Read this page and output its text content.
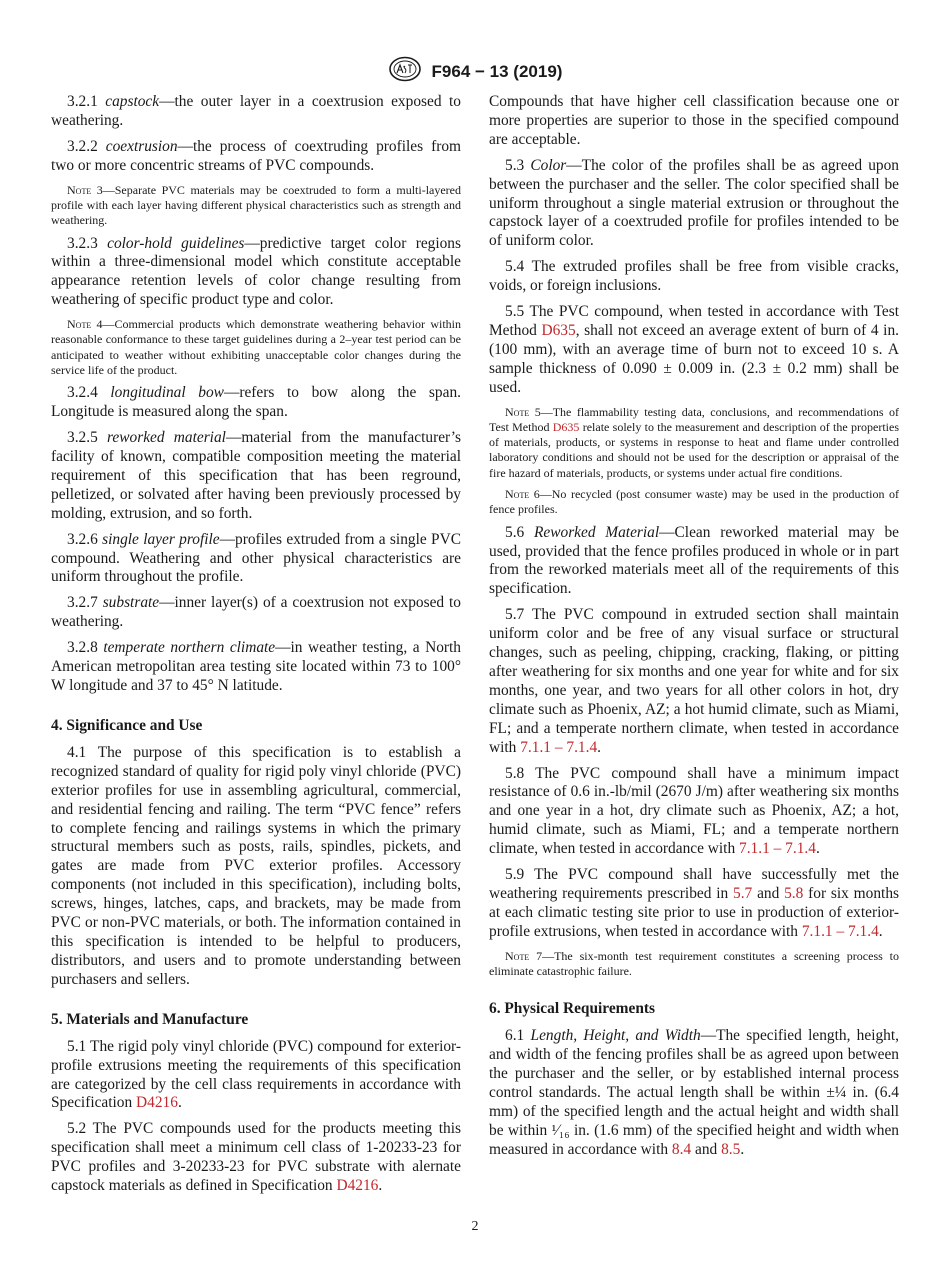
F964 − 13 (2019)

3.2.1 capstock—the outer layer in a coextrusion exposed to weathering.

3.2.2 coextrusion—the process of coextruding profiles from two or more concentric streams of PVC compounds.

Note 3—Separate PVC materials may be coextruded to form a multi-layered profile with each layer having different physical characteristics such as strength and weathering.

3.2.3 color-hold guidelines—predictive target color regions within a three-dimensional model which constitute acceptable appearance retention levels of color change resulting from weathering of specific product type and color.

Note 4—Commercial products which demonstrate weathering behavior within reasonable conformance to these target guidelines during a 2–year test period can be anticipated to weather without exhibiting unacceptable color changes during the service life of the product.

3.2.4 longitudinal bow—refers to bow along the span. Longitude is measured along the span.

3.2.5 reworked material—material from the manufacturer’s facility of known, compatible composition meeting the material requirement of this specification that has been reground, pelletized, or solvated after having been previously processed by molding, extrusion, and so forth.

3.2.6 single layer profile—profiles extruded from a single PVC compound. Weathering and other physical characteristics are uniform throughout the profile.

3.2.7 substrate—inner layer(s) of a coextrusion not exposed to weathering.

3.2.8 temperate northern climate—in weather testing, a North American metropolitan area testing site located within 73 to 100° W longitude and 37 to 45° N latitude.

4. Significance and Use

4.1 The purpose of this specification is to establish a recognized standard of quality for rigid poly vinyl chloride (PVC) exterior profiles for use in assembling agricultural, commercial, and residential fencing and railing. The term “PVC fence” refers to complete fencing and railings systems in which the primary structural members such as posts, rails, spindles, pickets, and gates are made from PVC exterior profiles. Accessory components (not included in this specification), including bolts, screws, hinges, latches, caps, and brackets, may be made from PVC or non-PVC materials, or both. The information contained in this specification is intended to be helpful to producers, distributors, and users and to promote understanding between purchasers and sellers.

5. Materials and Manufacture

5.1 The rigid poly vinyl chloride (PVC) compound for exterior-profile extrusions meeting the requirements of this specification are categorized by the cell class requirements in accordance with Specification D4216.

5.2 The PVC compounds used for the products meeting this specification shall meet a minimum cell class of 1-20233-23 for PVC profiles and 3-20233-23 for PVC substrate with alernate capstock materials as defined in Specification D4216.

Compounds that have higher cell classification because one or more properties are superior to those in the specified compound are acceptable.

5.3 Color—The color of the profiles shall be as agreed upon between the purchaser and the seller. The color specified shall be uniform throughout a single material extrusion or throughout the capstock layer of a coextruded profile for profiles intended to be of uniform color.

5.4 The extruded profiles shall be free from visible cracks, voids, or foreign inclusions.

5.5 The PVC compound, when tested in accordance with Test Method D635, shall not exceed an average extent of burn of 4 in. (100 mm), with an average time of burn not to exceed 10 s. A sample thickness of 0.090 ± 0.009 in. (2.3 ± 0.2 mm) shall be used.

Note 5—The flammability testing data, conclusions, and recommendations of Test Method D635 relate solely to the measurement and description of the properties of materials, products, or systems in response to heat and flame under controlled laboratory conditions and should not be used for the description or appraisal of the fire hazard of materials, products, or systems under actual fire conditions.

Note 6—No recycled (post consumer waste) may be used in the production of fence profiles.

5.6 Reworked Material—Clean reworked material may be used, provided that the fence profiles produced in whole or in part from the reworked materials meet all of the requirements of this specification.

5.7 The PVC compound in extruded section shall maintain uniform color and be free of any visual surface or structural changes, such as peeling, chipping, cracking, flaking, or pitting after weathering for six months and one year for white and for six months, one year, and two years for all other colors in hot, dry climate such as Phoenix, AZ; a hot humid climate, such as Miami, FL; and a temperate northern climate, when tested in accordance with 7.1.1 – 7.1.4.

5.8 The PVC compound shall have a minimum impact resistance of 0.6 in.-lb/mil (2670 J/m) after weathering six months and one year in a hot, dry climate such as Phoenix, AZ; a hot, humid climate, such as Miami, FL; and a temperate northern climate, when tested in accordance with 7.1.1 – 7.1.4.

5.9 The PVC compound shall have successfully met the weathering requirements prescribed in 5.7 and 5.8 for six months at each climatic testing site prior to use in production of exterior-profile extrusions, when tested in accordance with 7.1.1 – 7.1.4.

Note 7—The six-month test requirement constitutes a screening process to eliminate catastrophic failure.

6. Physical Requirements

6.1 Length, Height, and Width—The specified length, height, and width of the fencing profiles shall be as agreed upon between the purchaser and the seller, or by established internal process control standards. The actual length shall be within ±¼ in. (6.4 mm) of the specified length and the actual height and width shall be within ¹⁄₁₆ in. (1.6 mm) of the specified height and width when measured in accordance with 8.4 and 8.5.

2
